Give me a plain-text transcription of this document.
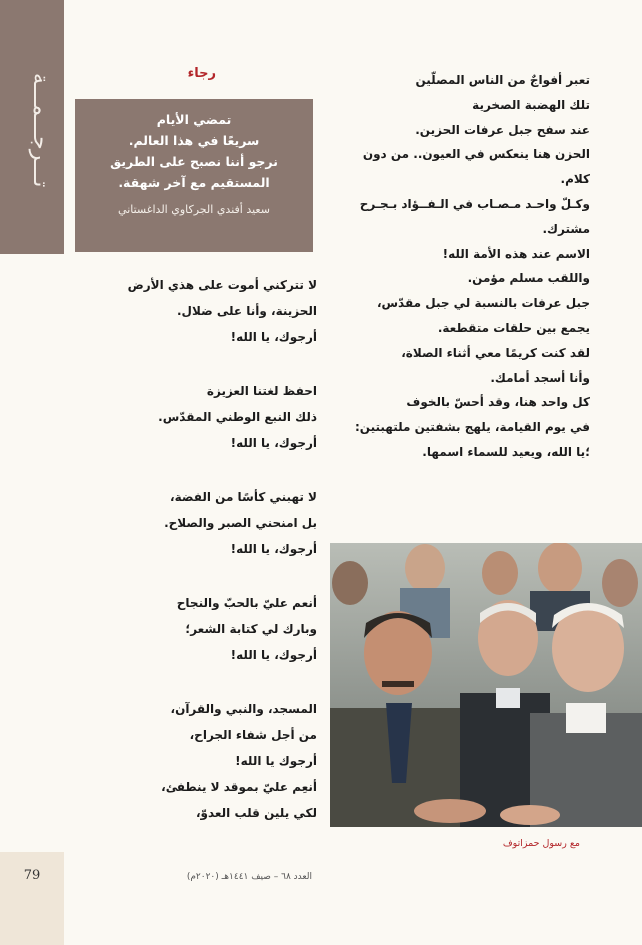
تـــرجـــمـــة
79	العدد ٦٨ – صيف ١٤٤١هـ (٢٠٢٠م)
رجاء
تمضي الأيام
سريعًا في هذا العالم.
نرجو أننا نصبح على الطريق
المستقيم مع آخر شهقة.
سعيد أفندي الجركاوي الداغستاني
لا تتركني أموت على هذي الأرض
الحزينة، وأنا على ضلال.
أرجوك، يا الله!
احفظ لغتنا العزيزة
ذلك النبع الوطني المقدّس.
أرجوك، يا الله!
لا تهبني كأسًا من الفضة،
بل امنحني الصبر والصلاح.
أرجوك، يا الله!
أنعم عليّ بالحبّ والنجاح
وبارك لي كتابة الشعر؛
أرجوك، يا الله!
المسجد، والنبي والقرآن،
من أجل شفاء الجراح،
أرجوك يا الله!
أنعِم عليّ بموقد لا ينطفئ،
لكي يلين قلب العدوّ،
تعبر أفواجٌ من الناس المصلّين
تلك الهضبة الصخرية
عند سفح جبل عرفات الحزين.
الحزن هنا ينعكس في العيون.. من دون
كلام.
وكـلّ واحـد مـصـاب في الـفــؤاد بـجـرح
مشترك.
الاسم عند هذه الأمة الله!
واللقب مسلم مؤمن.
جبل عرفات بالنسبة لي جبل مقدّس،
يجمع بين حلقات متقطعة.
لقد كنت كريمًا معي أثناء الصلاة،
وأنا أسجد أمامك.
كل واحد هنا، وقد أحسّ بالخوف
في يوم القيامة، يلهج بشفتين ملتهبتين:
؛يا الله، ويعيد للسماء اسمها.
مع رسول حمزاتوف
